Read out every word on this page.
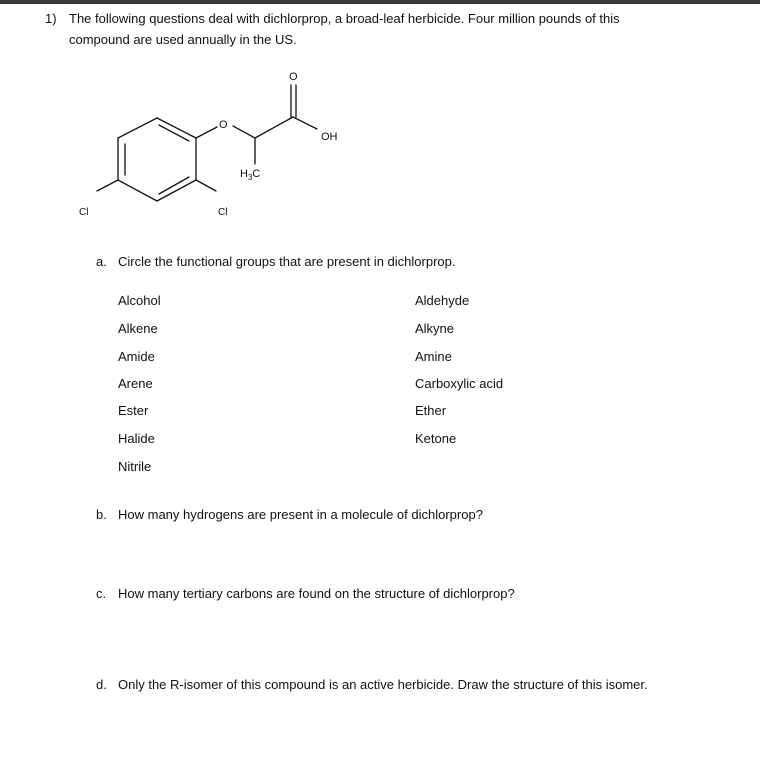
1) The following questions deal with dichlorprop, a broad-leaf herbicide. Four million pounds of this
compound are used annually in the US.
Cl	Cl
O
O
OH
$H_3C$
a. Circle the functional groups that are present in dichlorprop.
Alcohol
Alkene
Amide
Arene
Ester
Halide
Nitrile
Aldehyde
Alkyne
Amine
Carboxylic acid
Ether
Ketone
b. How many hydrogens are present in a molecule of dichlorprop?
c. How many tertiary carbons are found on the structure of dichlorprop?
d. Only the R-isomer of this compound is an active herbicide. Draw the structure of this isomer.
